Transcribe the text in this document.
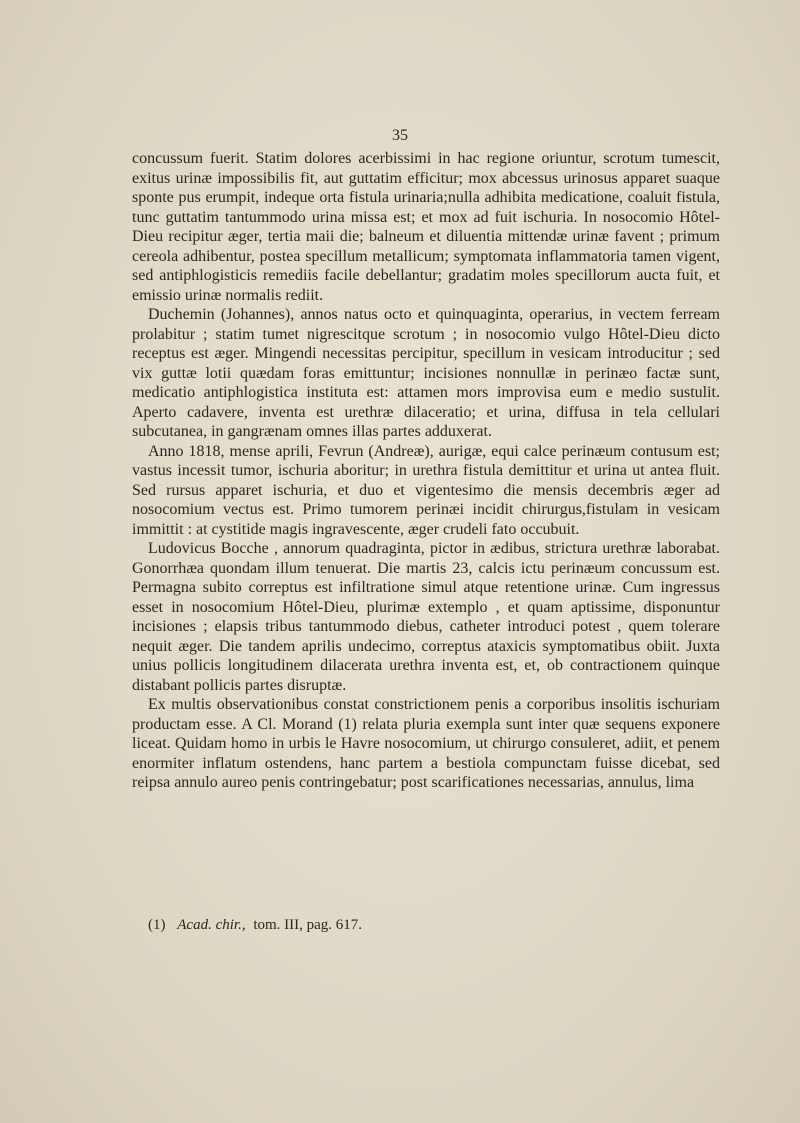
35

concussum fuerit. Statim dolores acerbissimi in hac regione oriuntur, scrotum tumescit, exitus urinæ impossibilis fit, aut guttatim efficitur; mox abcessus urinosus apparet suaque sponte pus erumpit, indeque orta fistula urinaria;nulla adhibita medicatione, coaluit fistula, tunc guttatim tantummodo urina missa est; et mox ad fuit ischuria. In nosocomio Hôtel-Dieu recipitur æger, tertia maii die; balneum et diluentia mittendæ urinæ favent ; primum cereola adhibentur, postea specillum metallicum; symptomata inflammatoria tamen vigent, sed antiphlogisticis remediis facile debellantur; gradatim moles specillorum aucta fuit, et emissio urinæ normalis rediit.

Duchemin (Johannes), annos natus octo et quinquaginta, operarius, in vectem ferream prolabitur ; statim tumet nigrescitque scrotum ; in nosocomio vulgo Hôtel-Dieu dicto receptus est æger. Mingendi necessitas percipitur, specillum in vesicam introducitur ; sed vix guttæ lotii quædam foras emittuntur; incisiones nonnullæ in perinæo factæ sunt, medicatio antiphlogistica instituta est: attamen mors improvisa eum e medio sustulit. Aperto cadavere, inventa est urethræ dilaceratio; et urina, diffusa in tela cellulari subcutanea, in gangrænam omnes illas partes adduxerat.

Anno 1818, mense aprili, Fevrun (Andreæ), aurigæ, equi calce perinæum contusum est; vastus incessit tumor, ischuria aboritur; in urethra fistula demittitur et urina ut antea fluit. Sed rursus apparet ischuria, et duo et vigentesimo die mensis decembris æger ad nosocomium vectus est. Primo tumorem perinæi incidit chirurgus,fistulam in vesicam immittit : at cystitide magis ingravescente, æger crudeli fato occubuit.

Ludovicus Bocche , annorum quadraginta, pictor in ædibus, strictura urethræ laborabat. Gonorrhæa quondam illum tenuerat. Die martis 23, calcis ictu perinæum concussum est. Permagna subito correptus est infiltratione simul atque retentione urinæ. Cum ingressus esset in nosocomium Hôtel-Dieu, plurimæ extemplo , et quam aptissime, disponuntur incisiones ; elapsis tribus tantummodo diebus, catheter introduci potest , quem tolerare nequit æger. Die tandem aprilis undecimo, correptus ataxicis symptomatibus obiit. Juxta unius pollicis longitudinem dilacerata urethra inventa est, et, ob contractionem quinque distabant pollicis partes disruptæ.

Ex multis observationibus constat constrictionem penis a corporibus insolitis ischuriam productam esse. A Cl. Morand (1) relata pluria exempla sunt inter quæ sequens exponere liceat. Quidam homo in urbis le Havre nosocomium, ut chirurgo consuleret, adiit, et penem enormiter inflatum ostendens, hanc partem a bestiola compunctam fuisse dicebat, sed reipsa annulo aureo penis contringebatur; post scarificationes necessarias, annulus, lima

(1) Acad. chir., tom. III, pag. 617.
